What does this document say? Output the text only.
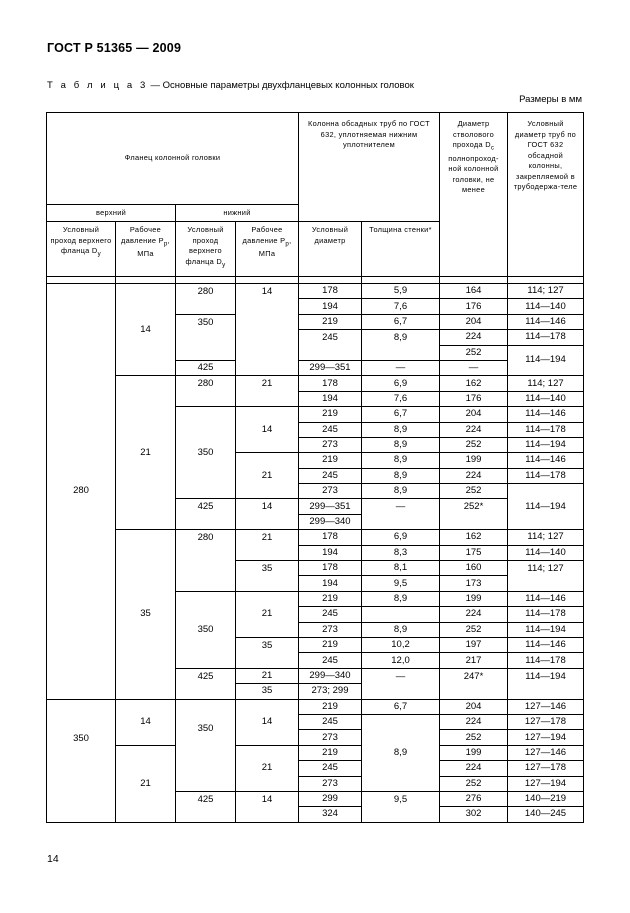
ГОСТ Р 51365 — 2009
Т а б л и ц а 3 — Основные параметры двухфланцевых колонных головок
Размеры в мм
Фланец колонной головки				Колонна обсадных труб по ГОСТ 632, уплотняемая нижним уплотнителем		Диаметр стволового прохода $D_с$ полнопроход-ной колонной головки, не менее	Условный диаметр труб по ГОСТ 632 обсадной колонны, закрепляемой в трубодержа-теле
верхний		нижний					
Условный проход верхнего фланца $D_у$	Рабочее давление $P_р$, МПа	Условный проход верхнего фланца $D_у$	Рабочее давление $P_р$, МПа	Условный диаметр	Толщина стенки*		

280	14	280	14	178	5,9	164	114; 127
				194	7,6	176	114—140
		350		219	6,7	204	114—146
				245	8,9	224	114—178
						252	114—194
		425		299—351	—	—	
	21	280	21	178	6,9	162	114; 127
				194	7,6	176	114—140
		350	14	219	6,7	204	114—146
				245	8,9	224	114—178
				273	8,9	252	114—194
			21	219	8,9	199	114—146
				245	8,9	224	114—178
				273	8,9	252	114—194
		425	14	299—351	—	252*	
				299—340			
	35	280	21	178	6,9	162	114; 127
				194	8,3	175	114—140
			35	178	8,1	160	114; 127
				194	9,5	173	
		350	21	219	8,9	199	114—146
				245		224	114—178
				273	8,9	252	114—194
			35	219	10,2	197	114—146
				245	12,0	217	114—178
		425	21	299—340	—	247*	114—194
			35	273; 299			
350	14	350	14	219	6,7	204	127—146
				245	8,9	224	127—178
				273		252	127—194
	21		21	219		199	127—146
				245		224	127—178
				273		252	127—194
		425	14	299	9,5	276	140—219
				324		302	140—245
14
